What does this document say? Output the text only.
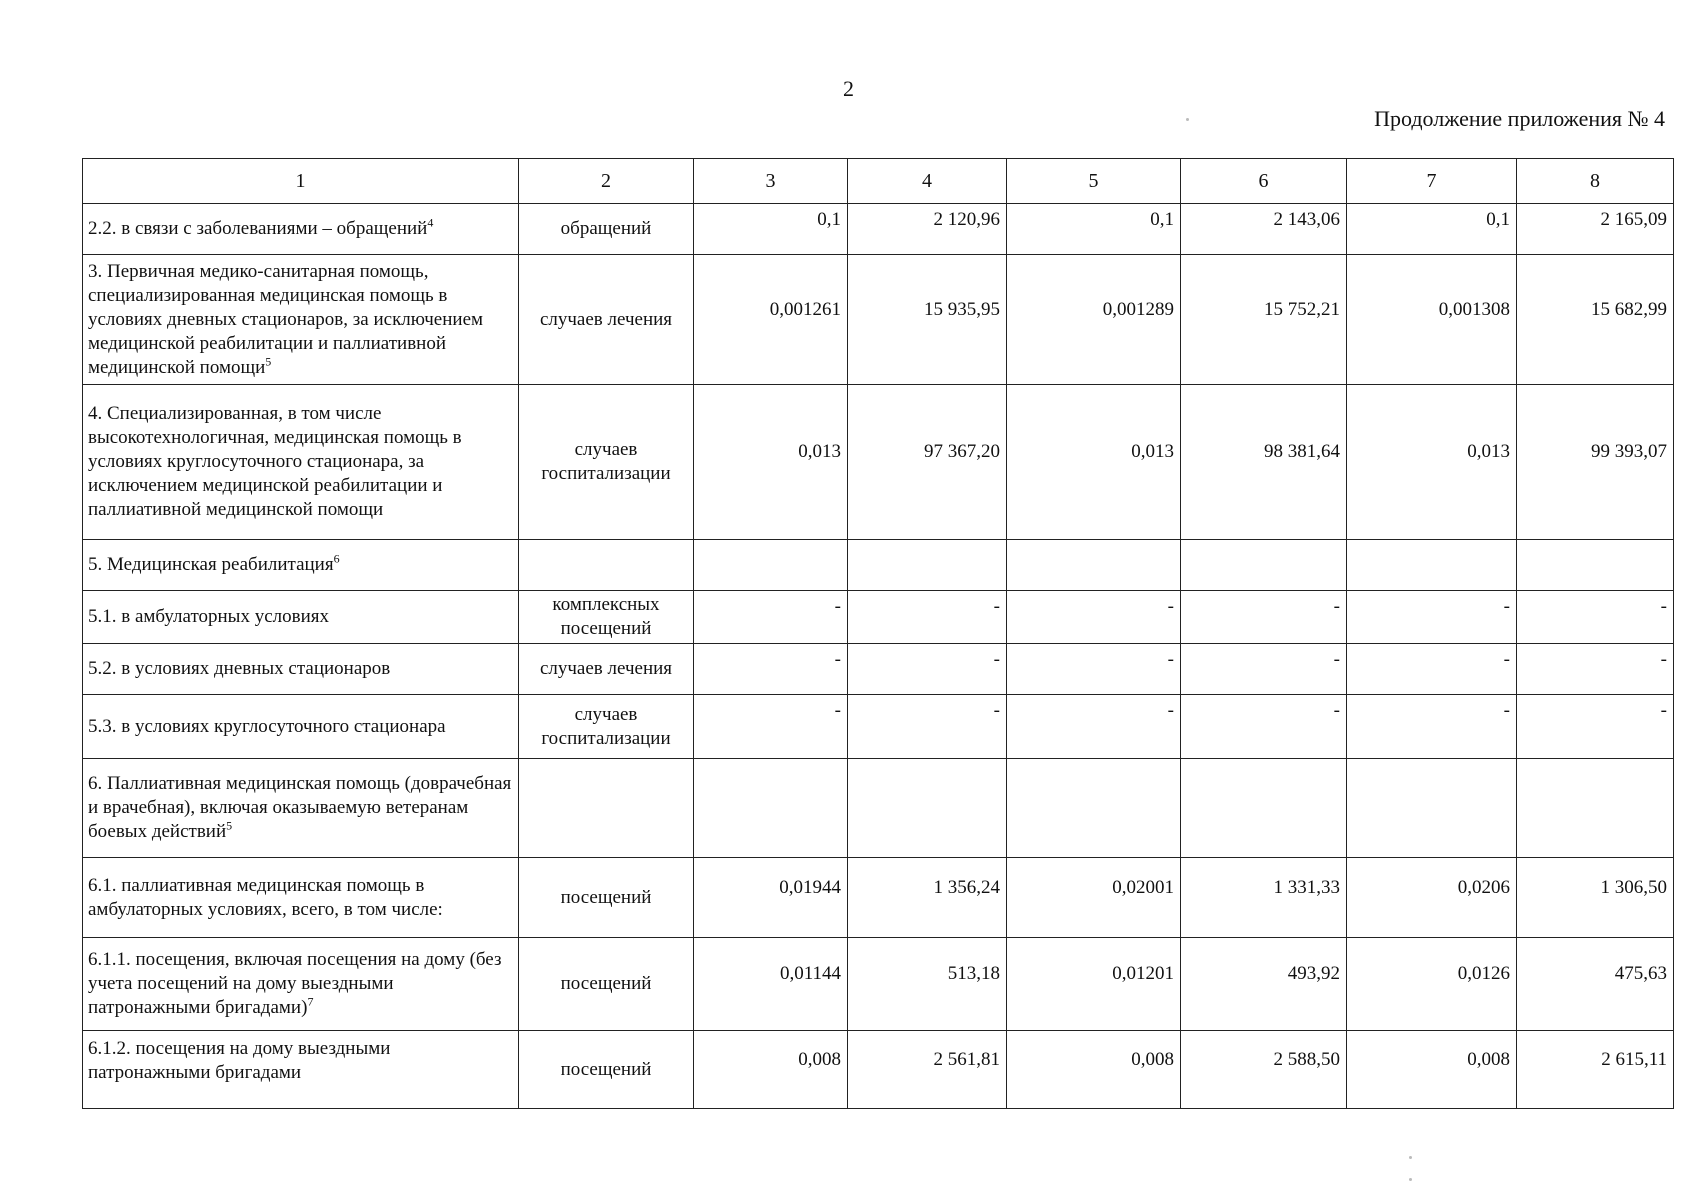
2
Продолжение приложения № 4
1	2	3	4	5	6	7	8
2.2. в связи с заболеваниями – обращений$^4$	обращений	0,1	2 120,96	0,1	2 143,06	0,1	2 165,09
3. Первичная медико-санитарная помощь, специализированная медицинская помощь в условиях дневных стационаров, за исключением медицинской реабилитации и паллиативной медицинской помощи$^5$	случаев лечения	0,001261	15 935,95	0,001289	15 752,21	0,001308	15 682,99
4. Специализированная, в том числе высокотехнологичная, медицинская помощь в условиях круглосуточного стационара, за исключением медицинской реабилитации и паллиативной медицинской помощи	случаев госпитализации	0,013	97 367,20	0,013	98 381,64	0,013	99 393,07
5. Медицинская реабилитация$^6$							
5.1. в амбулаторных условиях	комплексных посещений	-	-	-	-	-	-
5.2. в условиях дневных стационаров	случаев лечения	-	-	-	-	-	-
5.3. в условиях круглосуточного стационара	случаев госпитализации	-	-	-	-	-	-
6. Паллиативная медицинская помощь (доврачебная и врачебная), включая оказываемую ветеранам боевых действий$^5$							
6.1. паллиативная медицинская помощь в амбулаторных условиях, всего, в том числе:	посещений	0,01944	1 356,24	0,02001	1 331,33	0,0206	1 306,50
6.1.1. посещения, включая посещения на дому (без учета посещений на дому выездными патронажными бригадами)$^7$	посещений	0,01144	513,18	0,01201	493,92	0,0126	475,63
6.1.2. посещения на дому выездными патронажными бригадами	посещений	0,008	2 561,81	0,008	2 588,50	0,008	2 615,11
